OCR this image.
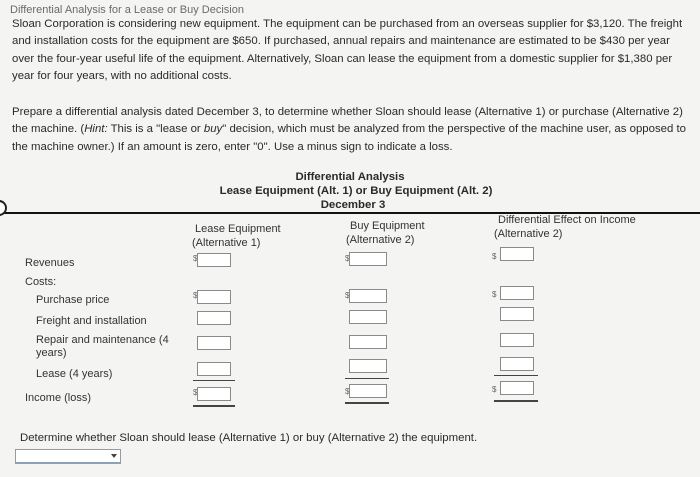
Differential Analysis for a Lease or Buy Decision
Sloan Corporation is considering new equipment. The equipment can be purchased from an overseas supplier for $3,120. The freight and installation costs for the equipment are $650. If purchased, annual repairs and maintenance are estimated to be $430 per year over the four-year useful life of the equipment. Alternatively, Sloan can lease the equipment from a domestic supplier for $1,380 per year for four years, with no additional costs.
Prepare a differential analysis dated December 3, to determine whether Sloan should lease (Alternative 1) or purchase (Alternative 2) the machine. (Hint: This is a "lease or buy" decision, which must be analyzed from the perspective of the machine user, as opposed to the machine owner.) If an amount is zero, enter "0". Use a minus sign to indicate a loss.
Differential Analysis
Lease Equipment (Alt. 1) or Buy Equipment (Alt. 2)
December 3
Lease Equipment
(Alternative 1)
Buy Equipment
(Alternative 2)
Differential Effect on Income
(Alternative 2)
Revenues
Costs:
Purchase price
Freight and installation
Repair and maintenance (4
years)
Lease (4 years)
Income (loss)
$
$
$
$
$
$
$
$
$
Determine whether Sloan should lease (Alternative 1) or buy (Alternative 2) the equipment.
